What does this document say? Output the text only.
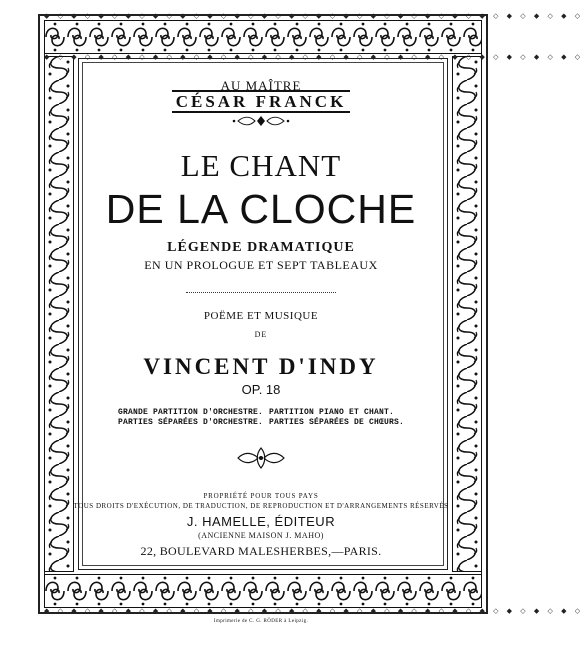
◆ ◇ ◆ ◇ ◆ ◇ ◆ ◇ ◆ ◇ ◆ ◇ ◆ ◇ ◆ ◇ ◆ ◇ ◆ ◇ ◆ ◇ ◆ ◇ ◆ ◇ ◆ ◇ ◆ ◇ ◆ ◇ ◆ ◇ ◆ ◇ ◆ ◇ ◆ ◇
◆ ◇ ◆ ◇ ◆ ◇ ◆ ◇ ◆ ◇ ◆ ◇ ◆ ◇ ◆ ◇ ◆ ◇ ◆ ◇ ◆ ◇ ◆ ◇ ◆ ◇ ◆ ◇ ◆ ◇ ◆ ◇ ◆ ◇ ◆ ◇ ◆ ◇ ◆ ◇
◆ ◇ ◆ ◇ ◆ ◇ ◆ ◇ ◆ ◇ ◆ ◇ ◆ ◇ ◆ ◇ ◆ ◇ ◆ ◇ ◆ ◇ ◆ ◇ ◆ ◇ ◆ ◇ ◆ ◇ ◆ ◇ ◆ ◇ ◆ ◇ ◆ ◇ ◆ ◇
AU MAÎTRE
CÉSAR FRANCK
LE CHANT
DE LA CLOCHE
LÉGENDE DRAMATIQUE
EN UN PROLOGUE ET SEPT TABLEAUX
POËME ET MUSIQUE
DE
VINCENT D'INDY
OP. 18
GRANDE PARTITION D'ORCHESTRE.
PARTIES SÉPARÉES D'ORCHESTRE.
PARTITION PIANO ET CHANT.
PARTIES SÉPARÉES DE CHŒURS.
PROPRIÉTÉ POUR TOUS PAYS
TOUS DROITS D'EXÉCUTION, DE TRADUCTION, DE REPRODUCTION ET D'ARRANGEMENTS RÉSERVÉS
J. HAMELLE, ÉDITEUR
(ANCIENNE MAISON J. MAHO)
22, BOULEVARD MALESHERBES,—PARIS.
Imprimerie de C. G. RÖDER à Leipzig.
